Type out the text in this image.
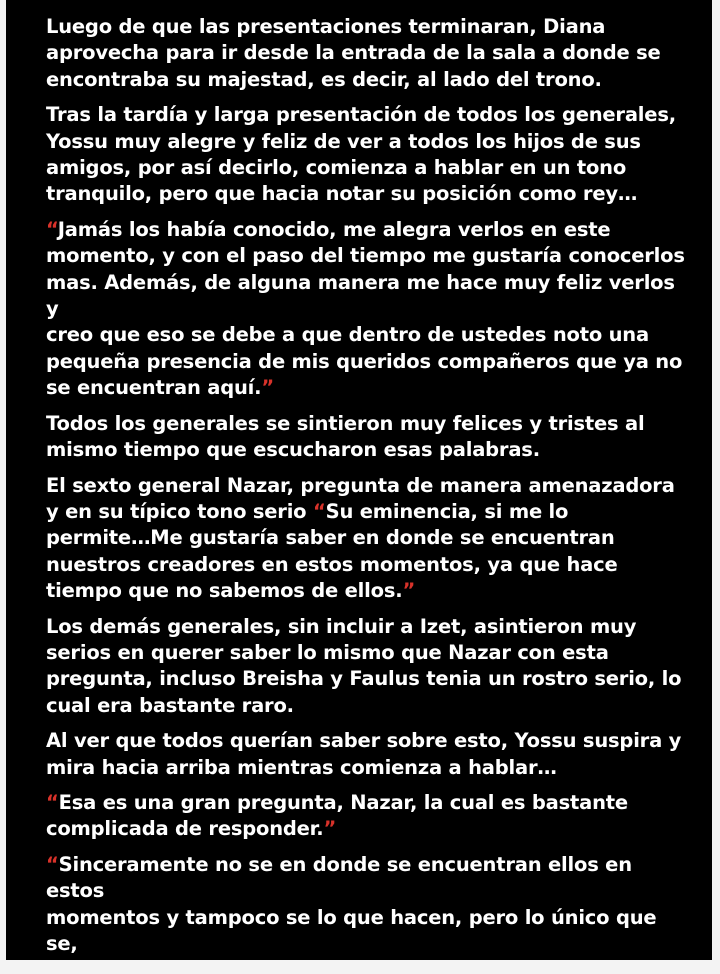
Luego de que las presentaciones terminaran, Diana
aprovecha para ir desde la entrada de la sala a donde se
encontraba su majestad, es decir, al lado del trono.

Tras la tardía y larga presentación de todos los generales,
Yossu muy alegre y feliz de ver a todos los hijos de sus
amigos, por así decirlo, comienza a hablar en un tono
tranquilo, pero que hacia notar su posición como rey…

“Jamás los había conocido, me alegra verlos en este
momento, y con el paso del tiempo me gustaría conocerlos
mas. Además, de alguna manera me hace muy feliz verlos y
creo que eso se debe a que dentro de ustedes noto una
pequeña presencia de mis queridos compañeros que ya no
se encuentran aquí.”

Todos los generales se sintieron muy felices y tristes al
mismo tiempo que escucharon esas palabras.

El sexto general Nazar, pregunta de manera amenazadora
y en su típico tono serio “Su eminencia, si me lo
permite…Me gustaría saber en donde se encuentran
nuestros creadores en estos momentos, ya que hace
tiempo que no sabemos de ellos.”

Los demás generales, sin incluir a Izet, asintieron muy
serios en querer saber lo mismo que Nazar con esta
pregunta, incluso Breisha y Faulus tenia un rostro serio, lo
cual era bastante raro.

Al ver que todos querían saber sobre esto, Yossu suspira y
mira hacia arriba mientras comienza a hablar…

“Esa es una gran pregunta, Nazar, la cual es bastante
complicada de responder.”

“Sinceramente no se en donde se encuentran ellos en estos
momentos y tampoco se lo que hacen, pero lo único que se,
